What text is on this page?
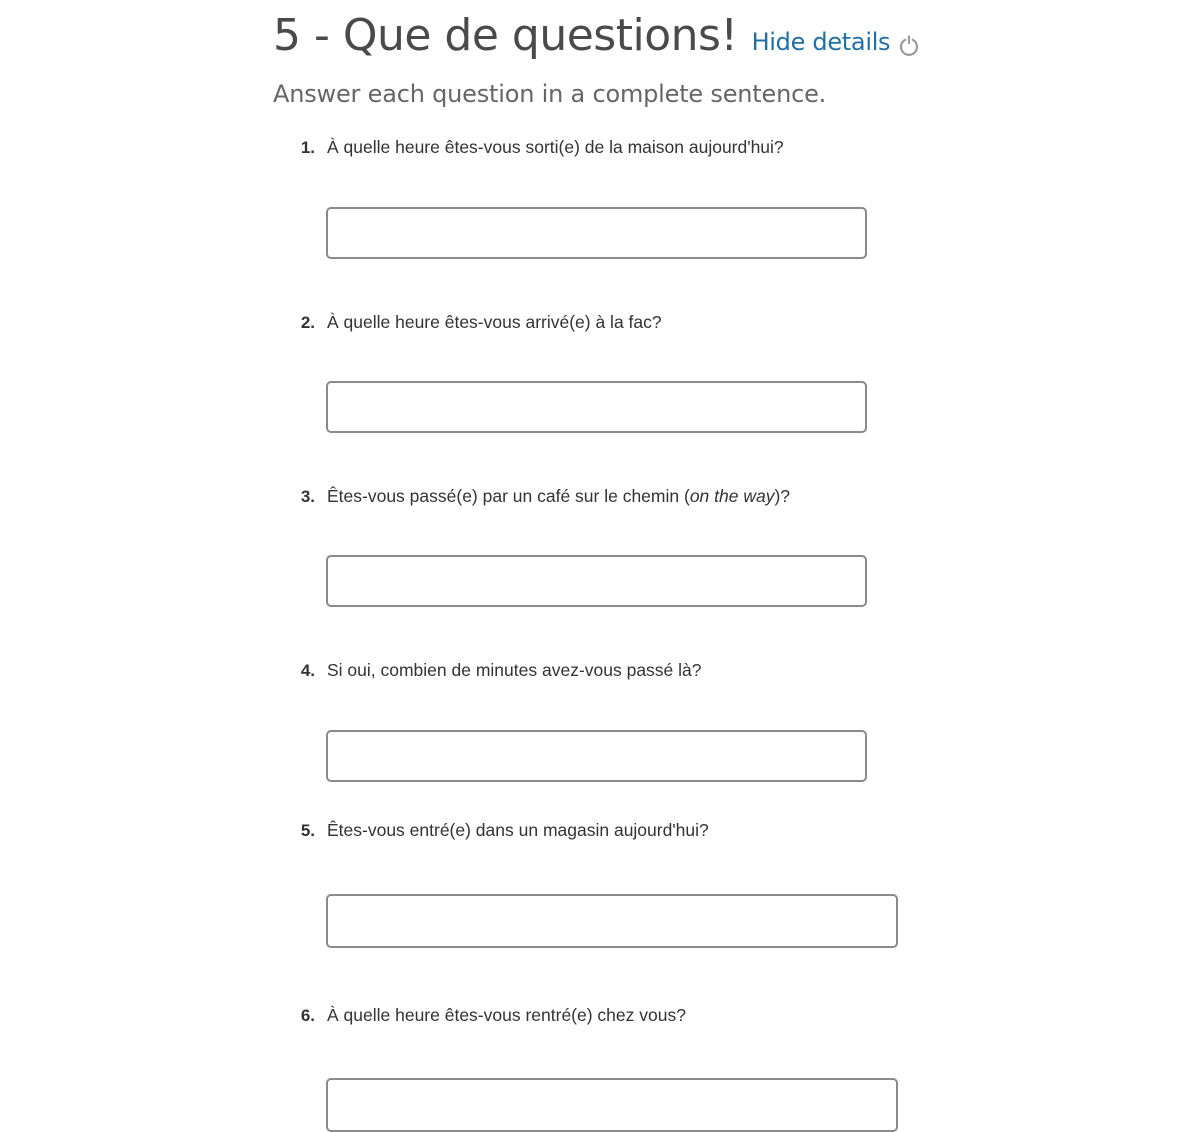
5 - Que de questions! Hide details

Answer each question in a complete sentence.

1. À quelle heure êtes-vous sorti(e) de la maison aujourd'hui?
2. À quelle heure êtes-vous arrivé(e) à la fac?
3. Êtes-vous passé(e) par un café sur le chemin (on the way)?
4. Si oui, combien de minutes avez-vous passé là?
5. Êtes-vous entré(e) dans un magasin aujourd'hui?
6. À quelle heure êtes-vous rentré(e) chez vous?
